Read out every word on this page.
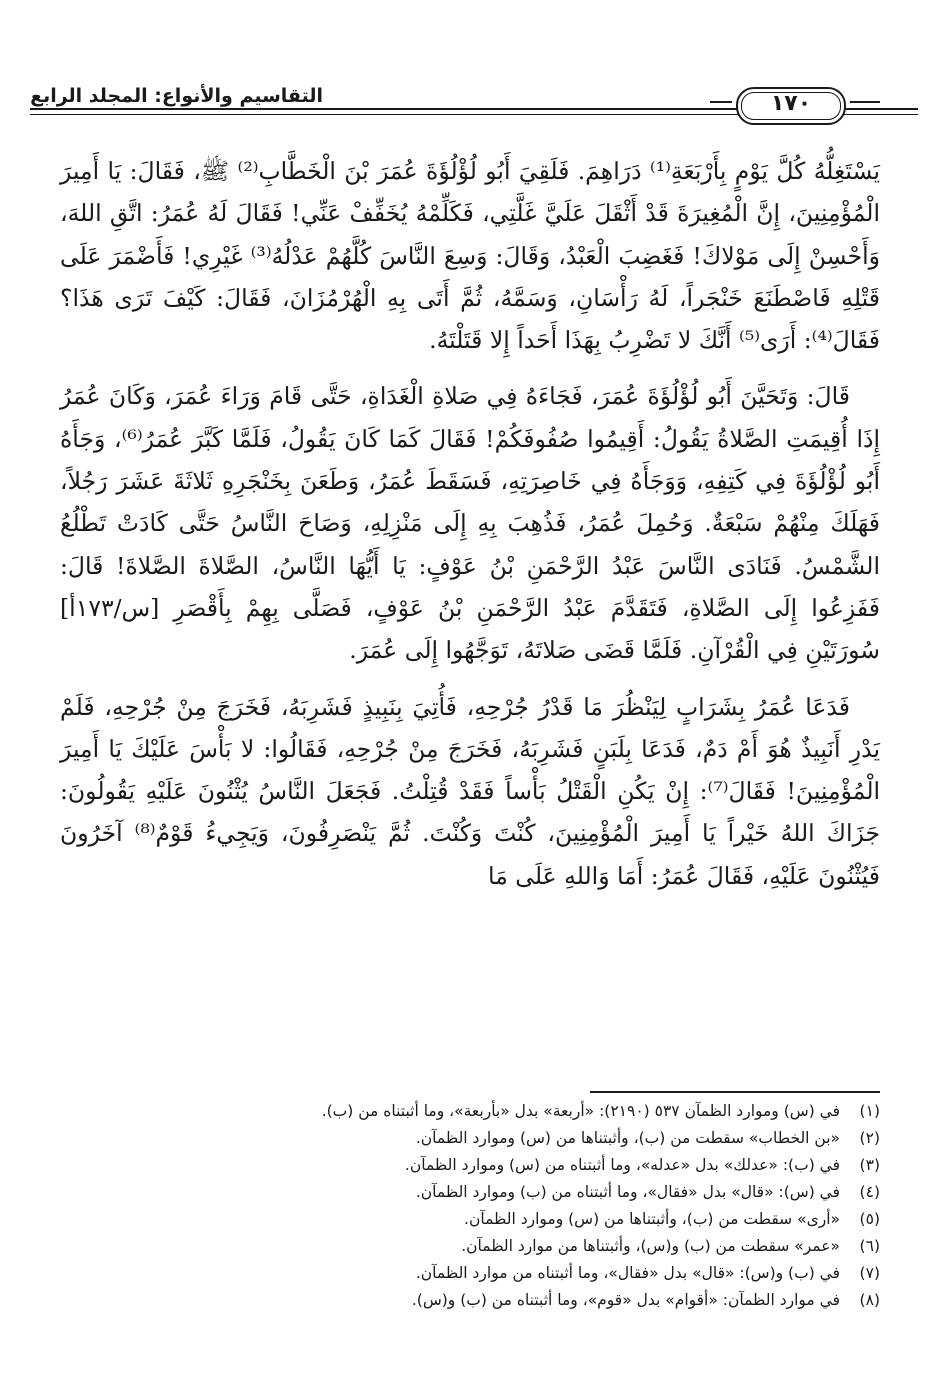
التقاسيم والأنواع: المجلد الرابع	١٧٠

يَسْتَغِلُّهُ كُلَّ يَوْمٍ بِأَرْبَعَةِ⁽¹⁾ دَرَاهِمَ. فَلَقِيَ أَبُو لُؤْلُؤَةَ عُمَرَ بْنَ الْخَطَّابِ⁽²⁾ ﷺ، فَقَالَ: يَا أَمِيرَ الْمُؤْمِنِينَ، إِنَّ الْمُغِيرَةَ قَدْ أَثْقَلَ عَلَيَّ غَلَّتِي، فَكَلِّمْهُ يُخَفِّفْ عَنِّي! فَقَالَ لَهُ عُمَرُ: اتَّقِ اللهَ، وَأَحْسِنْ إِلَى مَوْلاكَ! فَغَضِبَ الْعَبْدُ، وَقَالَ: وَسِعَ النَّاسَ كُلَّهُمْ عَدْلُهُ⁽³⁾ غَيْرِي! فَأَضْمَرَ عَلَى قَتْلِهِ فَاصْطَنَعَ خَنْجَراً، لَهُ رَأْسَانِ، وَسَمَّهُ، ثُمَّ أَتَى بِهِ الْهُرْمُزَانَ، فَقَالَ: كَيْفَ تَرَى هَذَا؟ فَقَالَ⁽⁴⁾: أَرَى⁽⁵⁾ أَنَّكَ لا تَضْرِبُ بِهَذَا أَحَداً إِلا قَتَلْتَهُ.

قَالَ: وَتَحَيَّنَ أَبُو لُؤْلُؤَةَ عُمَرَ، فَجَاءَهُ فِي صَلاةِ الْغَدَاةِ، حَتَّى قَامَ وَرَاءَ عُمَرَ، وَكَانَ عُمَرُ إِذَا أُقِيمَتِ الصَّلاةُ يَقُولُ: أَقِيمُوا صُفُوفَكُمْ! فَقَالَ كَمَا كَانَ يَقُولُ، فَلَمَّا كَبَّرَ عُمَرُ⁽⁶⁾، وَجَأَهُ أَبُو لُؤْلُؤَةَ فِي كَتِفِهِ، وَوَجَأَهُ فِي خَاصِرَتِهِ، فَسَقَطَ عُمَرُ، وَطَعَنَ بِخَنْجَرِهِ ثَلاثَةَ عَشَرَ رَجُلاً، فَهَلَكَ مِنْهُمْ سَبْعَةٌ. وَحُمِلَ عُمَرُ، فَذُهِبَ بِهِ إِلَى مَنْزِلِهِ، وَصَاحَ النَّاسُ حَتَّى كَادَتْ تَطْلُعُ الشَّمْسُ. فَنَادَى النَّاسَ عَبْدُ الرَّحْمَنِ بْنُ عَوْفٍ: يَا أَيُّهَا النَّاسُ، الصَّلاةَ الصَّلاةَ! قَالَ: فَفَزِعُوا إِلَى الصَّلاةِ، فَتَقَدَّمَ عَبْدُ الرَّحْمَنِ بْنُ عَوْفٍ، فَصَلَّى بِهِمْ بِأَقْصَرِ [س/١٧٣أ] سُورَتَيْنِ فِي الْقُرْآنِ. فَلَمَّا قَضَى صَلاتَهُ، تَوَجَّهُوا إِلَى عُمَرَ.

فَدَعَا عُمَرُ بِشَرَابٍ لِيَنْظُرَ مَا قَدْرُ جُرْحِهِ، فَأُتِيَ بِنَبِيذٍ فَشَرِبَهُ، فَخَرَجَ مِنْ جُرْحِهِ، فَلَمْ يَدْرِ أَنَبِيذٌ هُوَ أَمْ دَمٌ، فَدَعَا بِلَبَنٍ فَشَرِبَهُ، فَخَرَجَ مِنْ جُرْحِهِ، فَقَالُوا: لا بَأْسَ عَلَيْكَ يَا أَمِيرَ الْمُؤْمِنِينَ! فَقَالَ⁽⁷⁾: إِنْ يَكُنِ الْقَتْلُ بَأْساً فَقَدْ قُتِلْتُ. فَجَعَلَ النَّاسُ يُثْنُونَ عَلَيْهِ يَقُولُونَ: جَزَاكَ اللهُ خَيْراً يَا أَمِيرَ الْمُؤْمِنِينَ، كُنْتَ وَكُنْتَ. ثُمَّ يَنْصَرِفُونَ، وَيَجِيءُ قَوْمٌ⁽⁸⁾ آخَرُونَ فَيُثْنُونَ عَلَيْهِ، فَقَالَ عُمَرُ: أَمَا وَاللهِ عَلَى مَا

(١)
في (س) وموارد الظمآن ٥٣٧ (٢١٩٠): «أربعة» بدل «بأربعة»، وما أثبتناه من (ب).
(٢)
«بن الخطاب» سقطت من (ب)، وأثبتناها من (س) وموارد الظمآن.
(٣)
في (ب): «عدلك» بدل «عدله»، وما أثبتناه من (س) وموارد الظمآن.
(٤)
في (س): «قال» بدل «فقال»، وما أثبتناه من (ب) وموارد الظمآن.
(٥)
«أرى» سقطت من (ب)، وأثبتناها من (س) وموارد الظمآن.
(٦)
«عمر» سقطت من (ب) و(س)، وأثبتناها من موارد الظمآن.
(٧)
في (ب) و(س): «قال» بدل «فقال»، وما أثبتناه من موارد الظمآن.
(٨)
في موارد الظمآن: «أقوام» بدل «قوم»، وما أثبتناه من (ب) و(س).
